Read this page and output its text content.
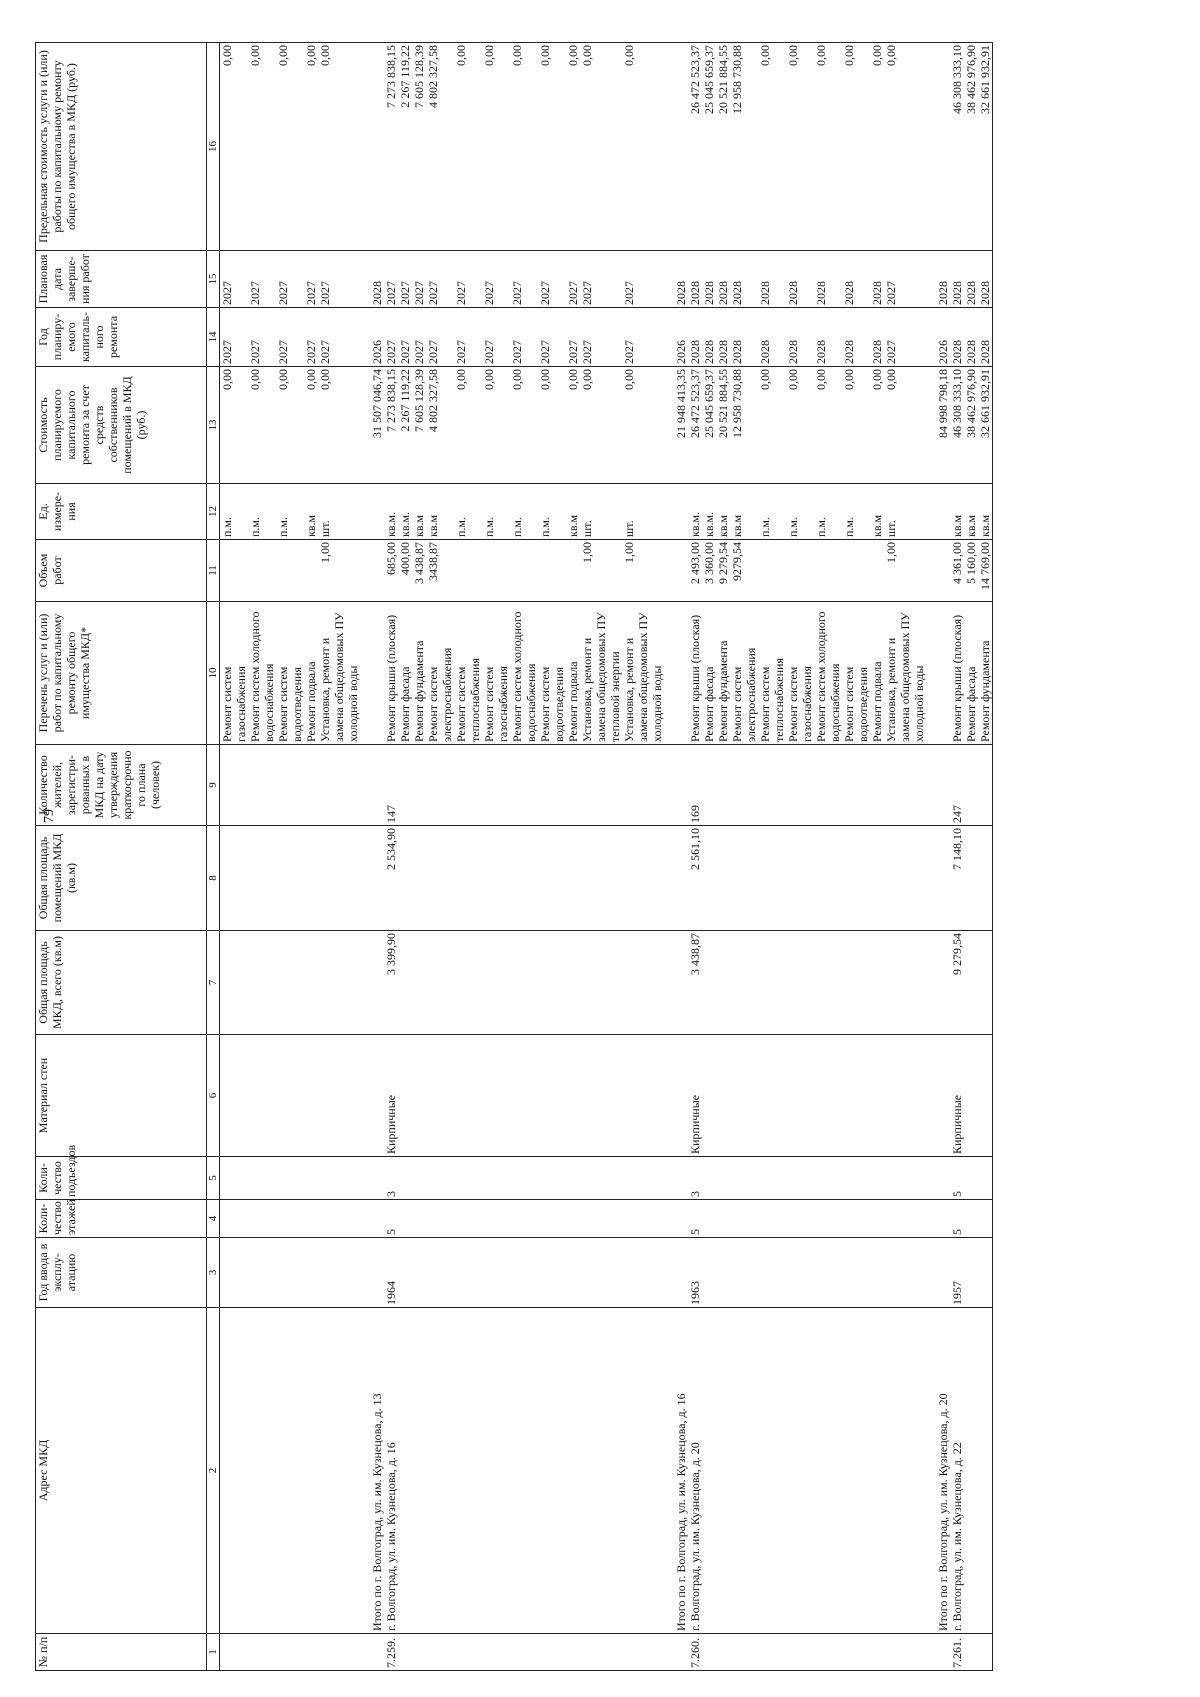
79
№ п/п	Адрес МКД	Год ввода в эксплу-атацию	Коли-чество этажей	Коли-чество подъездов	Материал стен	Общая площадь МКД, всего (кв.м)	Общая площадь помещений МКД (кв.м)	Количество жителей, зарегистри-рованных в МКД на дату утверждения краткосрочно го плана (человек)	Перечень услуг и (или) работ по капитальному ремонту общего имущества МКД*	Объем работ	Ед. измере-ния	Стоимость планируемого капитального ремонта за счет средств собственников помещений в МКД (руб.)	Год планиру-емого капиталь-ного ремонта	Плановая дата заверше-ния работ	Предельная стоимость услуги и (или) работы по капитальному ремонту общего имущества в МКД (руб.)
1	2	3	4	5	6	7	8	9	10	11	12	13	14	15	16
									Ремонт систем газоснабжения		п.м.	0,00	2027	2027	0,00
									Ремонт систем холодного водоснабжения		п.м.	0,00	2027	2027	0,00
									Ремонт систем водоотведения		п.м.	0,00	2027	2027	0,00
									Ремонт подвала		кв.м	0,00	2027	2027	0,00
									Установка, ремонт и замена общедомовых ПУ холодной воды	1,00	шт.	0,00	2027	2027	0,00

	Итого по г. Волгоград, ул. им. Кузнецова, д. 13											31 507 046,74	2026	2028	
7.259.	г. Волгоград, ул. им. Кузнецова, д. 16	1964	5	3	Кирпичные	3 399,90	2 534,90	147	Ремонт крыши (плоская)	685,00	кв.м.	7 273 838,15	2027	2027	7 273 838,15
									Ремонт фасада	400,00	кв.м.	2 267 119,22	2027	2027	2 267 119,22
									Ремонт фундамента	3 438,87	кв.м	7 605 128,39	2027	2027	7 605 128,39
									Ремонт систем электроснабжения	3438,87	кв.м	4 802 327,58	2027	2027	4 802 327,58
									Ремонт систем теплоснабжения		п.м.	0,00	2027	2027	0,00
									Ремонт систем газоснабжения		п.м.	0,00	2027	2027	0,00
									Ремонт систем холодного водоснабжения		п.м.	0,00	2027	2027	0,00
									Ремонт систем водоотведения		п.м.	0,00	2027	2027	0,00
									Ремонт подвала		кв.м	0,00	2027	2027	0,00
									Установка, ремонт и замена общедомовых ПУ тепловой энергии	1,00	шт.	0,00	2027	2027	0,00
									Установка, ремонт и замена общедомовых ПУ холодной воды	1,00	шт.	0,00	2027	2027	0,00

	Итого по г. Волгоград, ул. им. Кузнецова, д. 16											21 948 413,35	2026	2028	
7.260.	г. Волгоград, ул. им. Кузнецова, д. 20	1963	5	3	Кирпичные	3 438,87	2 561,10	169	Ремонт крыши (плоская)	2 493,00	кв.м.	26 472 523,37	2028	2028	26 472 523,37
									Ремонт фасада	3 360,00	кв.м.	25 045 659,37	2028	2028	25 045 659,37
									Ремонт фундамента	9 279,54	кв.м	20 521 884,55	2028	2028	20 521 884,55
									Ремонт систем электроснабжения	9279,54	кв.м	12 958 730,88	2028	2028	12 958 730,88
									Ремонт систем теплоснабжения		п.м.	0,00	2028	2028	0,00
									Ремонт систем газоснабжения		п.м.	0,00	2028	2028	0,00
									Ремонт систем холодного водоснабжения		п.м.	0,00	2028	2028	0,00
									Ремонт систем водоотведения		п.м.	0,00	2028	2028	0,00
									Ремонт подвала		кв.м	0,00	2028	2028	0,00
									Установка, ремонт и замена общедомовых ПУ холодной воды	1,00	шт.	0,00	2027	2027	0,00

	Итого по г. Волгоград, ул. им. Кузнецова, д. 20											84 998 798,18	2026	2028	
7.261.	г. Волгоград, ул. им. Кузнецова, д. 22	1957	5	5	Кирпичные	9 279,54	7 148,10	247	Ремонт крыши (плоская)	4 361,00	кв.м	46 308 333,10	2028	2028	46 308 333,10
									Ремонт фасада	5 160,00	кв.м	38 462 976,90	2028	2028	38 462 976,90
									Ремонт фундамента	14 769,00	кв.м	32 661 932,91	2028	2028	32 661 932,91
